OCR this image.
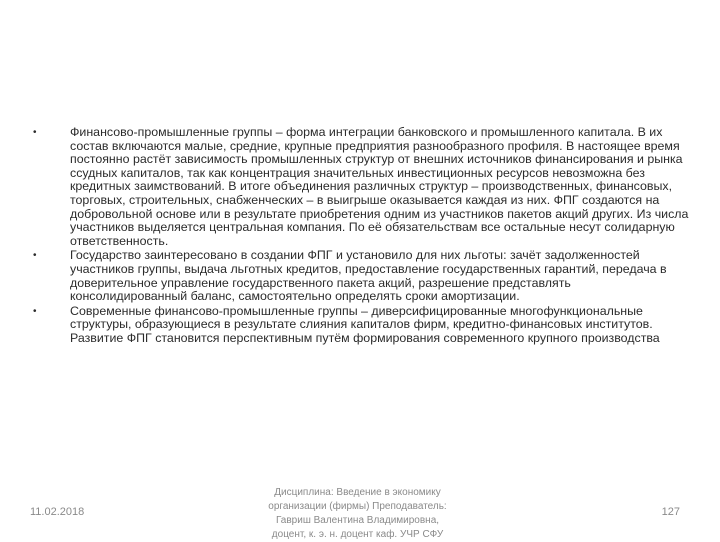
•	Финансово-промышленные группы – форма интеграции банковского и промышленного капитала. В их состав включаются малые, средние, крупные предприятия разнообразного профиля. В настоящее время постоянно растёт зависимость промышленных структур от внешних источников финансирования и рынка ссудных капиталов, так как концентрация значительных инвестиционных ресурсов невозможна без кредитных заимствований. В итоге объединения различных структур – производственных, финансовых, торговых, строительных, снабженческих – в выигрыше оказывается каждая из них. ФПГ создаются на добровольной основе или в результате приобретения одним из участников пакетов акций других. Из числа участников выделяется центральная компания. По её обязательствам все остальные несут солидарную ответственность.
•	Государство заинтересовано в создании ФПГ и установило для них льготы: зачёт задолженностей участников группы, выдача льготных кредитов, предоставление государственных гарантий, передача в доверительное управление государственного пакета акций, разрешение представлять консолидированный баланс, самостоятельно определять сроки амортизации.
•	Современные финансово-промышленные группы – диверсифицированные многофункциональные структуры, образующиеся в результате слияния капиталов фирм, кредитно-финансовых институтов. Развитие ФПГ становится перспективным путём формирования современного крупного производства
11.02.2018
Дисциплина: Введение в экономику
организации (фирмы) Преподаватель:
Гавриш Валентина Владимировна,
доцент, к. э. н. доцент каф. УЧР СФУ
127
